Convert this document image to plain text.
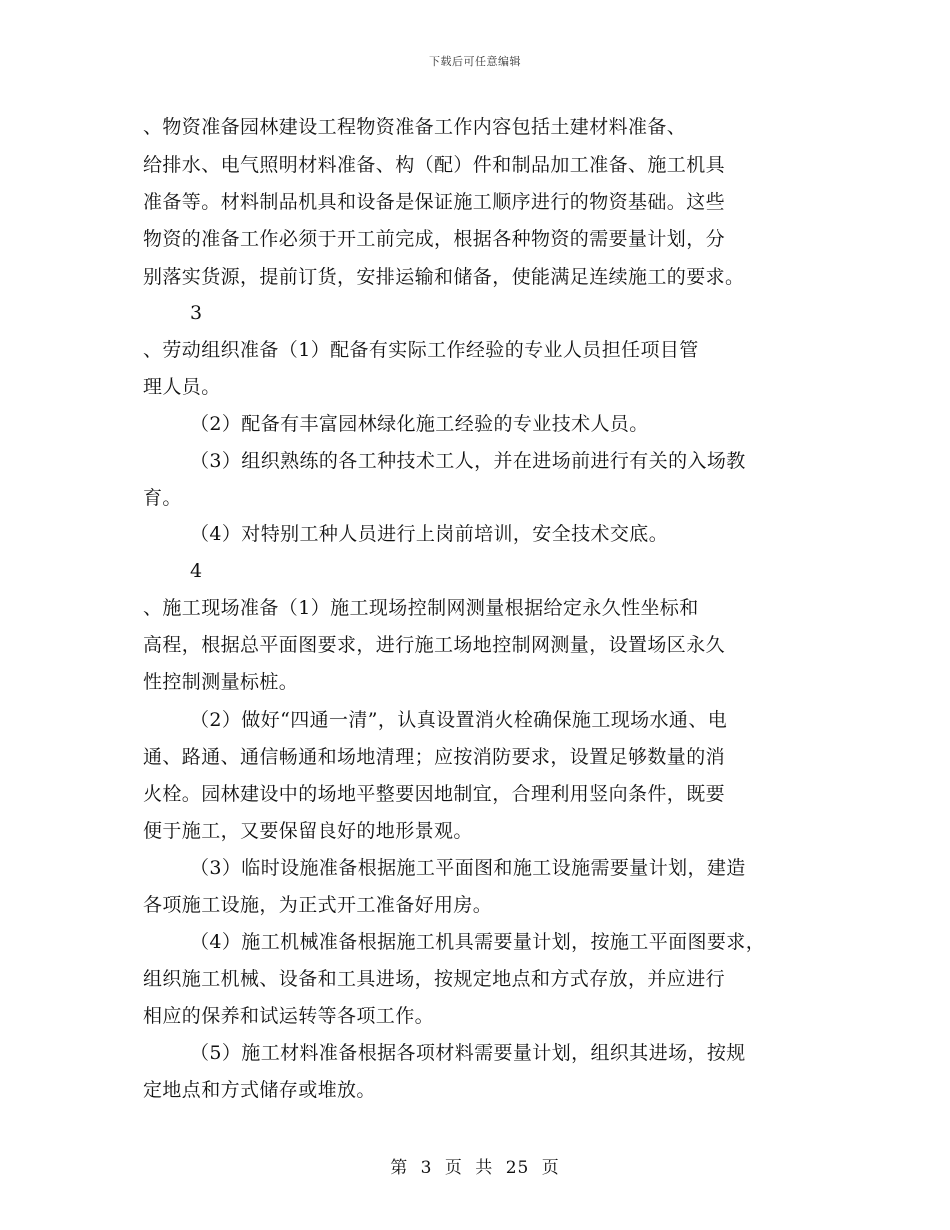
下载后可任意编辑
、物资准备园林建设工程物资准备工作内容包括土建材料准备、
给排水、电气照明材料准备、构（配）件和制品加工准备、施工机具
准备等。材料制品机具和设备是保证施工顺序进行的物资基础。这些
物资的准备工作必须于开工前完成，根据各种物资的需要量计划，分
别落实货源，提前订货，安排运输和储备，使能满足连续施工的要求。
3
、劳动组织准备（1）配备有实际工作经验的专业人员担任项目管
理人员。
（2）配备有丰富园林绿化施工经验的专业技术人员。
（3）组织熟练的各工种技术工人，并在进场前进行有关的入场教
育。
（4）对特别工种人员进行上岗前培训，安全技术交底。
4
、施工现场准备（1）施工现场控制网测量根据给定永久性坐标和
高程，根据总平面图要求，进行施工场地控制网测量，设置场区永久
性控制测量标桩。
（2）做好“四通一清”，认真设置消火栓确保施工现场水通、电
通、路通、通信畅通和场地清理；应按消防要求，设置足够数量的消
火栓。园林建设中的场地平整要因地制宜，合理利用竖向条件，既要
便于施工，又要保留良好的地形景观。
（3）临时设施准备根据施工平面图和施工设施需要量计划，建造
各项施工设施，为正式开工准备好用房。
（4）施工机械准备根据施工机具需要量计划，按施工平面图要求，
组织施工机械、设备和工具进场，按规定地点和方式存放，并应进行
相应的保养和试运转等各项工作。
（5）施工材料准备根据各项材料需要量计划，组织其进场，按规
定地点和方式储存或堆放。
第 3 页 共 25 页
